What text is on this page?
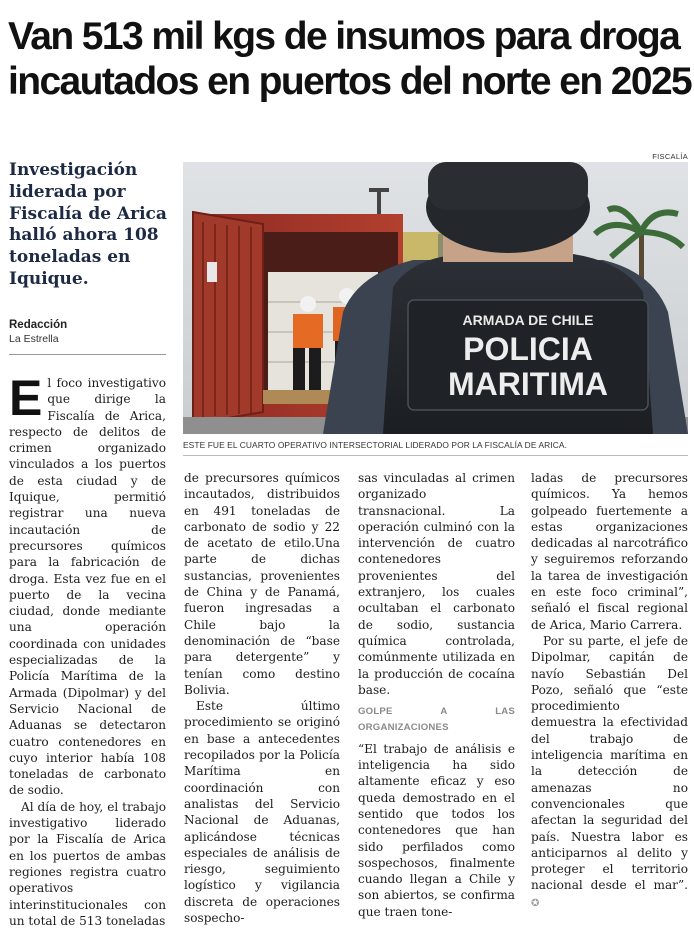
Van 513 mil kgs de insumos para droga
incautados en puertos del norte en 2025
Investigación liderada por Fiscalía de Arica halló ahora 108 toneladas en Iquique.
Redacción
La Estrella
FISCALÍA
ARMADA DE CHILE
POLICIA
MARITIMA
ESTE FUE EL CUARTO OPERATIVO INTERSECTORIAL LIDERADO POR LA FISCALÍA DE ARICA.

El foco investigativo que dirige la Fiscalía de Arica, respecto de delitos de crimen organizado vinculados a los puertos de esta ciudad y de Iquique, permitió registrar una nueva incautación de precursores químicos para la fabricación de droga. Esta vez fue en el puerto de la vecina ciudad, donde mediante una operación coordinada con unidades especializadas de la Policía Marítima de la Armada (Dipolmar) y del Servicio Nacional de Aduanas se detectaron cuatro contenedores en cuyo interior había 108 toneladas de carbonato de sodio.

Al día de hoy, el trabajo investigativo liderado por la Fiscalía de Arica en los puertos de ambas regiones registra cuatro operativos interinstitucionales con un total de 513 toneladas

de precursores químicos incautados, distribuidos en 491 toneladas de carbonato de sodio y 22 de acetato de etilo.Una parte de dichas sustancias, provenientes de China y de Panamá, fueron ingresadas a Chile bajo la denominación de “base para detergente” y tenían como destino Bolivia.

Este último procedimiento se originó en base a antecedentes recopilados por la Policía Marítima en coordinación con analistas del Servicio Nacional de Aduanas, aplicándose técnicas especiales de análisis de riesgo, seguimiento logístico y vigilancia discreta de operaciones sospecho-

sas vinculadas al crimen organizado transnacional. La operación culminó con la intervención de cuatro contenedores provenientes del extranjero, los cuales ocultaban el carbonato de sodio, sustancia química controlada, comúnmente utilizada en la producción de cocaína base.

GOLPE A LAS ORGANIZACIONES

“El trabajo de análisis e inteligencia ha sido altamente eficaz y eso queda demostrado en el sentido que todos los contenedores que han sido perfilados como sospechosos, finalmente cuando llegan a Chile y son abiertos, se confirma que traen tone-

ladas de precursores químicos. Ya hemos golpeado fuertemente a estas organizaciones dedicadas al narcotráfico y seguiremos reforzando la tarea de investigación en este foco criminal”, señaló el fiscal regional de Arica, Mario Carrera.

Por su parte, el jefe de Dipolmar, capitán de navío Sebastián Del Pozo, señaló que “este procedimiento demuestra la efectividad del trabajo de inteligencia marítima en la detección de amenazas no convencionales que afectan la seguridad del país. Nuestra labor es anticiparnos al delito y proteger el territorio nacional desde el mar”. ✪
